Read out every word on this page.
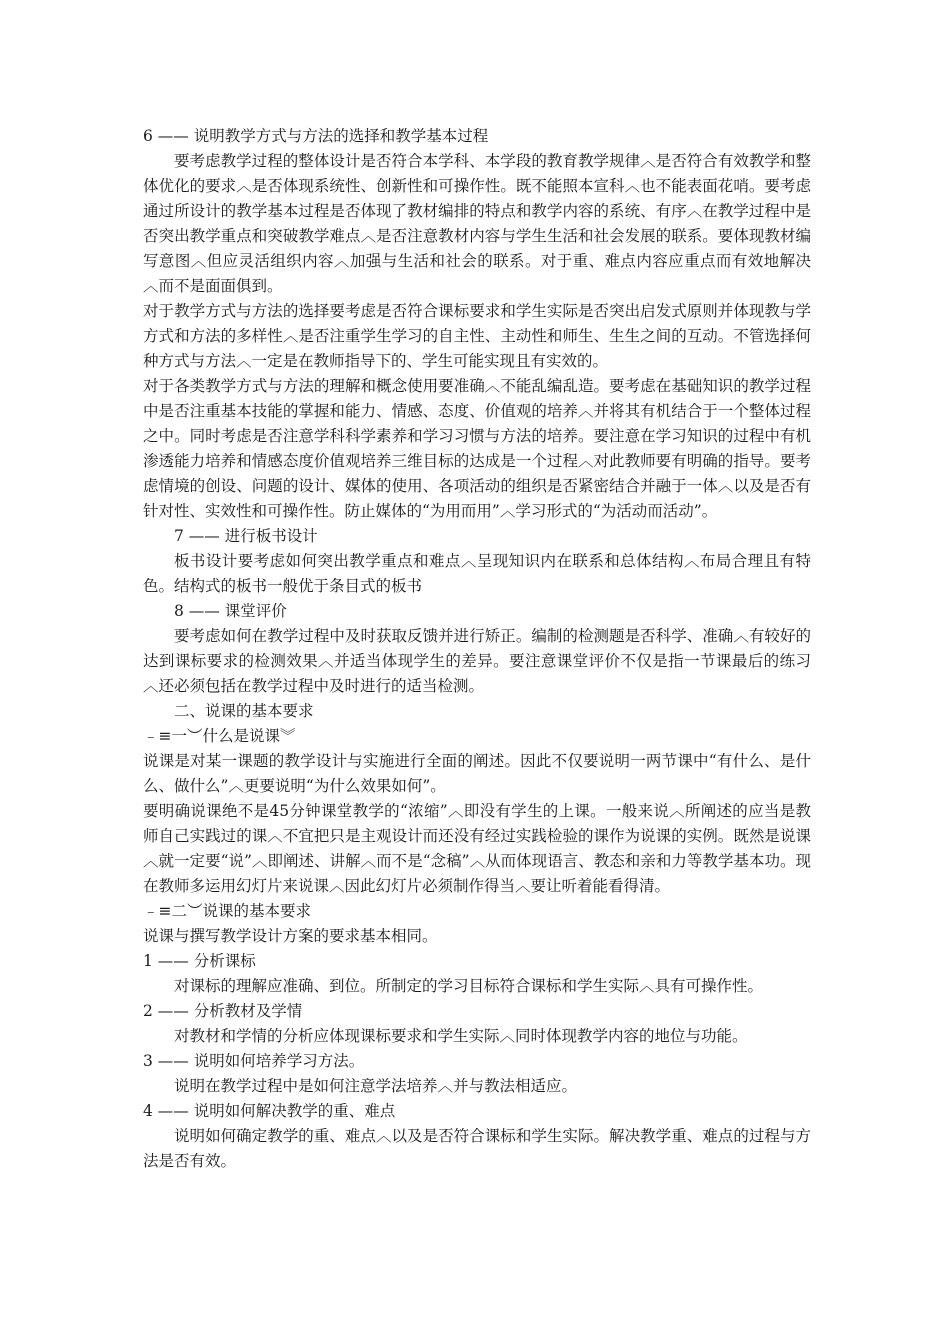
6 —— 说明教学方式与方法的选择和教学基本过程

要考虑教学过程的整体设计是否符合本学科、本学段的教育教学规律︿是否符合有效教学和整体优化的要求︿是否体现系统性、创新性和可操作性。既不能照本宣科︿也不能表面花哨。要考虑通过所设计的教学基本过程是否体现了教材编排的特点和教学内容的系统、有序︿在教学过程中是否突出教学重点和突破教学难点︿是否注意教材内容与学生生活和社会发展的联系。要体现教材编写意图︿但应灵活组织内容︿加强与生活和社会的联系。对于重、难点内容应重点而有效地解决︿而不是面面俱到。

对于教学方式与方法的选择要考虑是否符合课标要求和学生实际是否突出启发式原则并体现教与学方式和方法的多样性︿是否注重学生学习的自主性、主动性和师生、生生之间的互动。不管选择何种方式与方法︿一定是在教师指导下的、学生可能实现且有实效的。

对于各类教学方式与方法的理解和概念使用要准确︿不能乱编乱造。要考虑在基础知识的教学过程中是否注重基本技能的掌握和能力、情感、态度、价值观的培养︿并将其有机结合于一个整体过程之中。同时考虑是否注意学科科学素养和学习习惯与方法的培养。要注意在学习知识的过程中有机渗透能力培养和情感态度价值观培养三维目标的达成是一个过程︿对此教师要有明确的指导。要考虑情境的创设、问题的设计、媒体的使用、各项活动的组织是否紧密结合并融于一体︿以及是否有针对性、实效性和可操作性。防止媒体的“为用而用”︿学习形式的“为活动而活动”。

7 —— 进行板书设计

板书设计要考虑如何突出教学重点和难点︿呈现知识内在联系和总体结构︿布局合理且有特色。结构式的板书一般优于条目式的板书

8 —— 课堂评价

要考虑如何在教学过程中及时获取反馈并进行矫正。编制的检测题是否科学、准确︿有较好的达到课标要求的检测效果︿并适当体现学生的差异。要注意课堂评价不仅是指一节课最后的练习︿还必须包括在教学过程中及时进行的适当检测。

二、说课的基本要求

﹣≡一︶什么是说课︾

说课是对某一课题的教学设计与实施进行全面的阐述。因此不仅要说明一两节课中“有什么、是什么、做什么”︿更要说明“为什么效果如何”。

要明确说课绝不是45分钟课堂教学的“浓缩”︿即没有学生的上课。一般来说︿所阐述的应当是教师自己实践过的课︿不宜把只是主观设计而还没有经过实践检验的课作为说课的实例。既然是说课︿就一定要“说”︿即阐述、讲解︿而不是“念稿”︿从而体现语言、教态和亲和力等教学基本功。现在教师多运用幻灯片来说课︿因此幻灯片必须制作得当︿要让听着能看得清。

﹣≡二︶说课的基本要求

说课与撰写教学设计方案的要求基本相同。

1 —— 分析课标

对课标的理解应准确、到位。所制定的学习目标符合课标和学生实际︿具有可操作性。

2 —— 分析教材及学情

对教材和学情的分析应体现课标要求和学生实际︿同时体现教学内容的地位与功能。

3 —— 说明如何培养学习方法。

说明在教学过程中是如何注意学法培养︿并与教法相适应。

4 —— 说明如何解决教学的重、难点

说明如何确定教学的重、难点︿以及是否符合课标和学生实际。解决教学重、难点的过程与方法是否有效。
